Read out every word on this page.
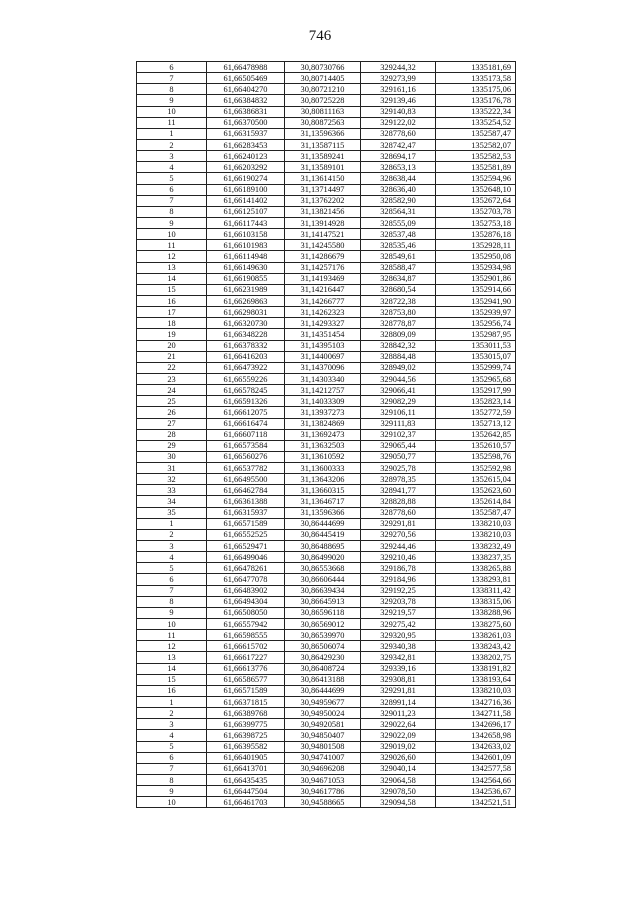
746
6	61,66478988	30,80730766	329244,32	1335181,69
7	61,66505469	30,80714405	329273,99	1335173,58
8	61,66404270	30,80721210	329161,16	1335175,06
9	61,66384832	30,80725228	329139,46	1335176,78
10	61,66386831	30,80811163	329140,83	1335222,34
11	61,66370500	30,80872563	329122,02	1335254,52
1	61,66315937	31,13596366	328778,60	1352587,47
2	61,66283453	31,13587115	328742,47	1352582,07
3	61,66240123	31,13589241	328694,17	1352582,53
4	61,66203292	31,13589101	328653,13	1352581,89
5	61,66190274	31,13614150	328638,44	1352594,96
6	61,66189100	31,13714497	328636,40	1352648,10
7	61,66141402	31,13762202	328582,90	1352672,64
8	61,66125107	31,13821456	328564,31	1352703,78
9	61,66117443	31,13914928	328555,09	1352753,18
10	61,66103158	31,14147521	328537,48	1352876,18
11	61,66101983	31,14245580	328535,46	1352928,11
12	61,66114948	31,14286679	328549,61	1352950,08
13	61,66149630	31,14257176	328588,47	1352934,98
14	61,66190855	31,14193469	328634,87	1352901,86
15	61,66231989	31,14216447	328680,54	1352914,66
16	61,66269863	31,14266777	328722,38	1352941,90
17	61,66298031	31,14262323	328753,80	1352939,97
18	61,66320730	31,14293327	328778,87	1352956,74
19	61,66348228	31,14351454	328809,09	1352987,95
20	61,66378332	31,14395103	328842,32	1353011,53
21	61,66416203	31,14400697	328884,48	1353015,07
22	61,66473922	31,14370096	328949,02	1352999,74
23	61,66559226	31,14303340	329044,56	1352965,68
24	61,66578245	31,14212757	329066,41	1352917,99
25	61,66591326	31,14033309	329082,29	1352823,14
26	61,66612075	31,13937273	329106,11	1352772,59
27	61,66616474	31,13824869	329111,83	1352713,12
28	61,66607118	31,13692473	329102,37	1352642,85
29	61,66573584	31,13632503	329065,44	1352610,57
30	61,66560276	31,13610592	329050,77	1352598,76
31	61,66537782	31,13600333	329025,78	1352592,98
32	61,66495500	31,13643206	328978,35	1352615,04
33	61,66462784	31,13660315	328941,77	1352623,60
34	61,66361388	31,13646717	328828,88	1352614,84
35	61,66315937	31,13596366	328778,60	1352587,47
1	61,66571589	30,86444699	329291,81	1338210,03
2	61,66552525	30,86445419	329270,56	1338210,03
3	61,66529471	30,86488695	329244,46	1338232,49
4	61,66499046	30,86499020	329210,46	1338237,35
5	61,66478261	30,86553668	329186,78	1338265,88
6	61,66477078	30,86606444	329184,96	1338293,81
7	61,66483902	30,86639434	329192,25	1338311,42
8	61,66494304	30,86645913	329203,78	1338315,06
9	61,66508050	30,86596118	329219,57	1338288,96
10	61,66557942	30,86569012	329275,42	1338275,60
11	61,66598555	30,86539970	329320,95	1338261,03
12	61,66615702	30,86506074	329340,38	1338243,42
13	61,66617227	30,86429230	329342,81	1338202,75
14	61,66613776	30,86408724	329339,16	1338191,82
15	61,66586577	30,86413188	329308,81	1338193,64
16	61,66571589	30,86444699	329291,81	1338210,03
1	61,66371815	30,94959677	328991,14	1342716,36
2	61,66389768	30,94950024	329011,23	1342711,58
3	61,66399775	30,94920581	329022,64	1342696,17
4	61,66398725	30,94850407	329022,09	1342658,98
5	61,66395582	30,94801508	329019,02	1342633,02
6	61,66401905	30,94741007	329026,60	1342601,09
7	61,66413701	30,94696208	329040,14	1342577,58
8	61,66435435	30,94671053	329064,58	1342564,66
9	61,66447504	30,94617786	329078,50	1342536,67
10	61,66461703	30,94588665	329094,58	1342521,51
